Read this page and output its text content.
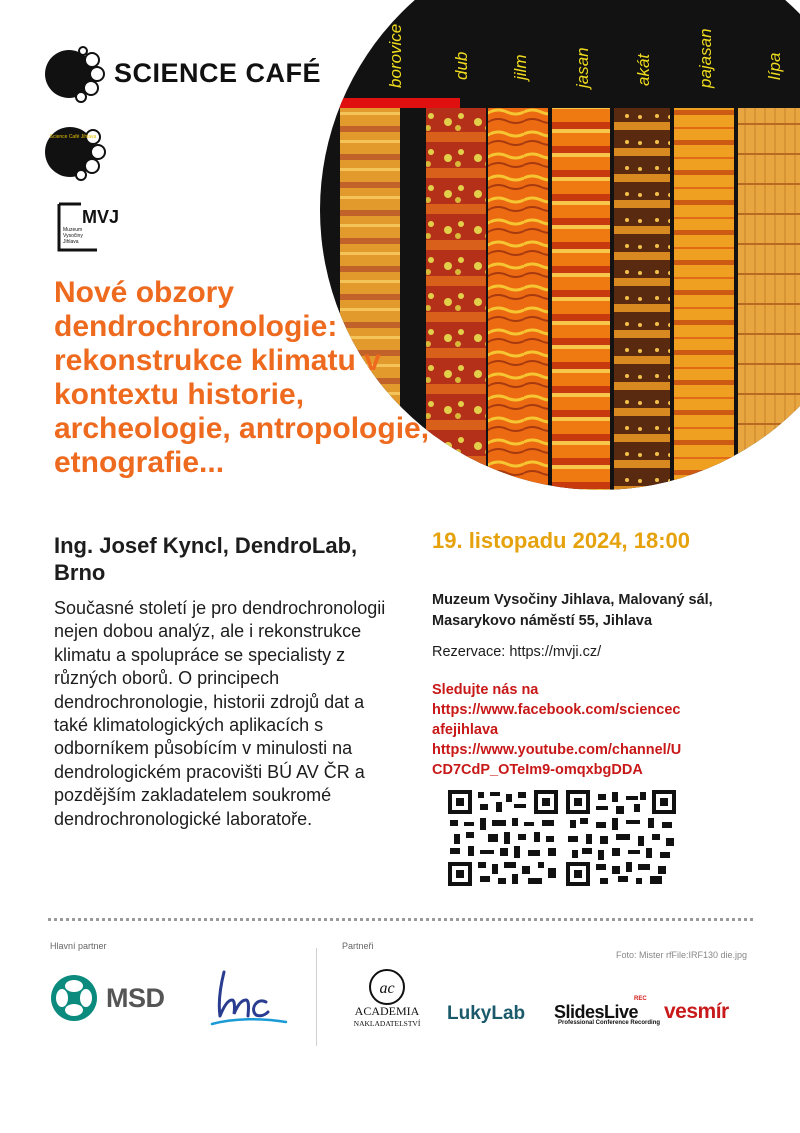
SCIENCE CAFÉ
Science Café Jihlava
MVJ
Muzeum Vysočiny Jihlava
borovice	dub jilm	jasan akát	pajasan	lípa
Nové obzory dendrochronologie: rekonstrukce klimatu v kontextu historie, archeologie, antropologie, etnografie...
Ing. Josef Kyncl, DendroLab, Brno
Současné století je pro dendrochronologii nejen dobou analýz, ale i rekonstrukce klimatu a spolupráce se specialisty z různých oborů. O principech dendrochronologie, historii zdrojů dat a také klimatologických aplikacích s odborníkem působícím v minulosti na dendrologickém pracovišti BÚ AV ČR a pozdějším zakladatelem soukromé dendrochronologické laboratoře.
19. listopadu 2024, 18:00
Muzeum Vysočiny Jihlava, Malovaný sál, Masarykovo náměstí 55, Jihlava
Rezervace: https://mvji.cz/
Sledujte nás na
https://www.facebook.com/sciencec
afejihlava
https://www.youtube.com/channel/U
CD7CdP_OTeIm9-omqxbgDDA
Hlavní partner	Partneři
Foto: Mister rfFile:IRF130 die.jpg
MSD	ac
ACADEMIA
NAKLADATELSTVÍ LukyLab SlidesLive
REC
Professional Conference Recording vesmír
